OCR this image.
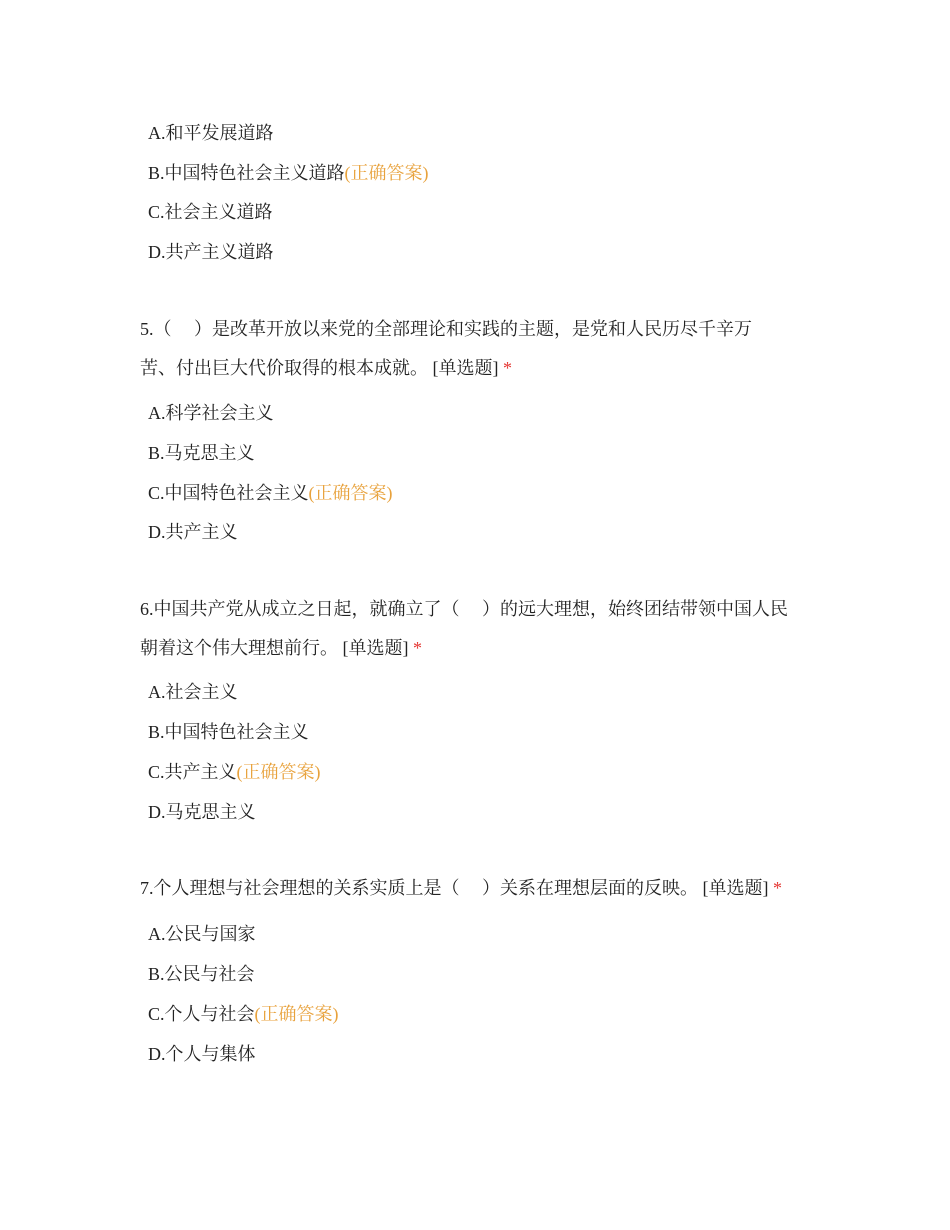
A.和平发展道路
B.中国特色社会主义道路(正确答案)
C.社会主义道路
D.共产主义道路
5.（　 ）是改革开放以来党的全部理论和实践的主题，是党和人民历尽千辛万
苦、付出巨大代价取得的根本成就。 [单选题] *
A.科学社会主义
B.马克思主义
C.中国特色社会主义(正确答案)
D.共产主义
6.中国共产党从成立之日起，就确立了（　 ）的远大理想，始终团结带领中国人民
朝着这个伟大理想前行。 [单选题] *
A.社会主义
B.中国特色社会主义
C.共产主义(正确答案)
D.马克思主义
7.个人理想与社会理想的关系实质上是（　 ）关系在理想层面的反映。 [单选题] *
A.公民与国家
B.公民与社会
C.个人与社会(正确答案)
D.个人与集体
